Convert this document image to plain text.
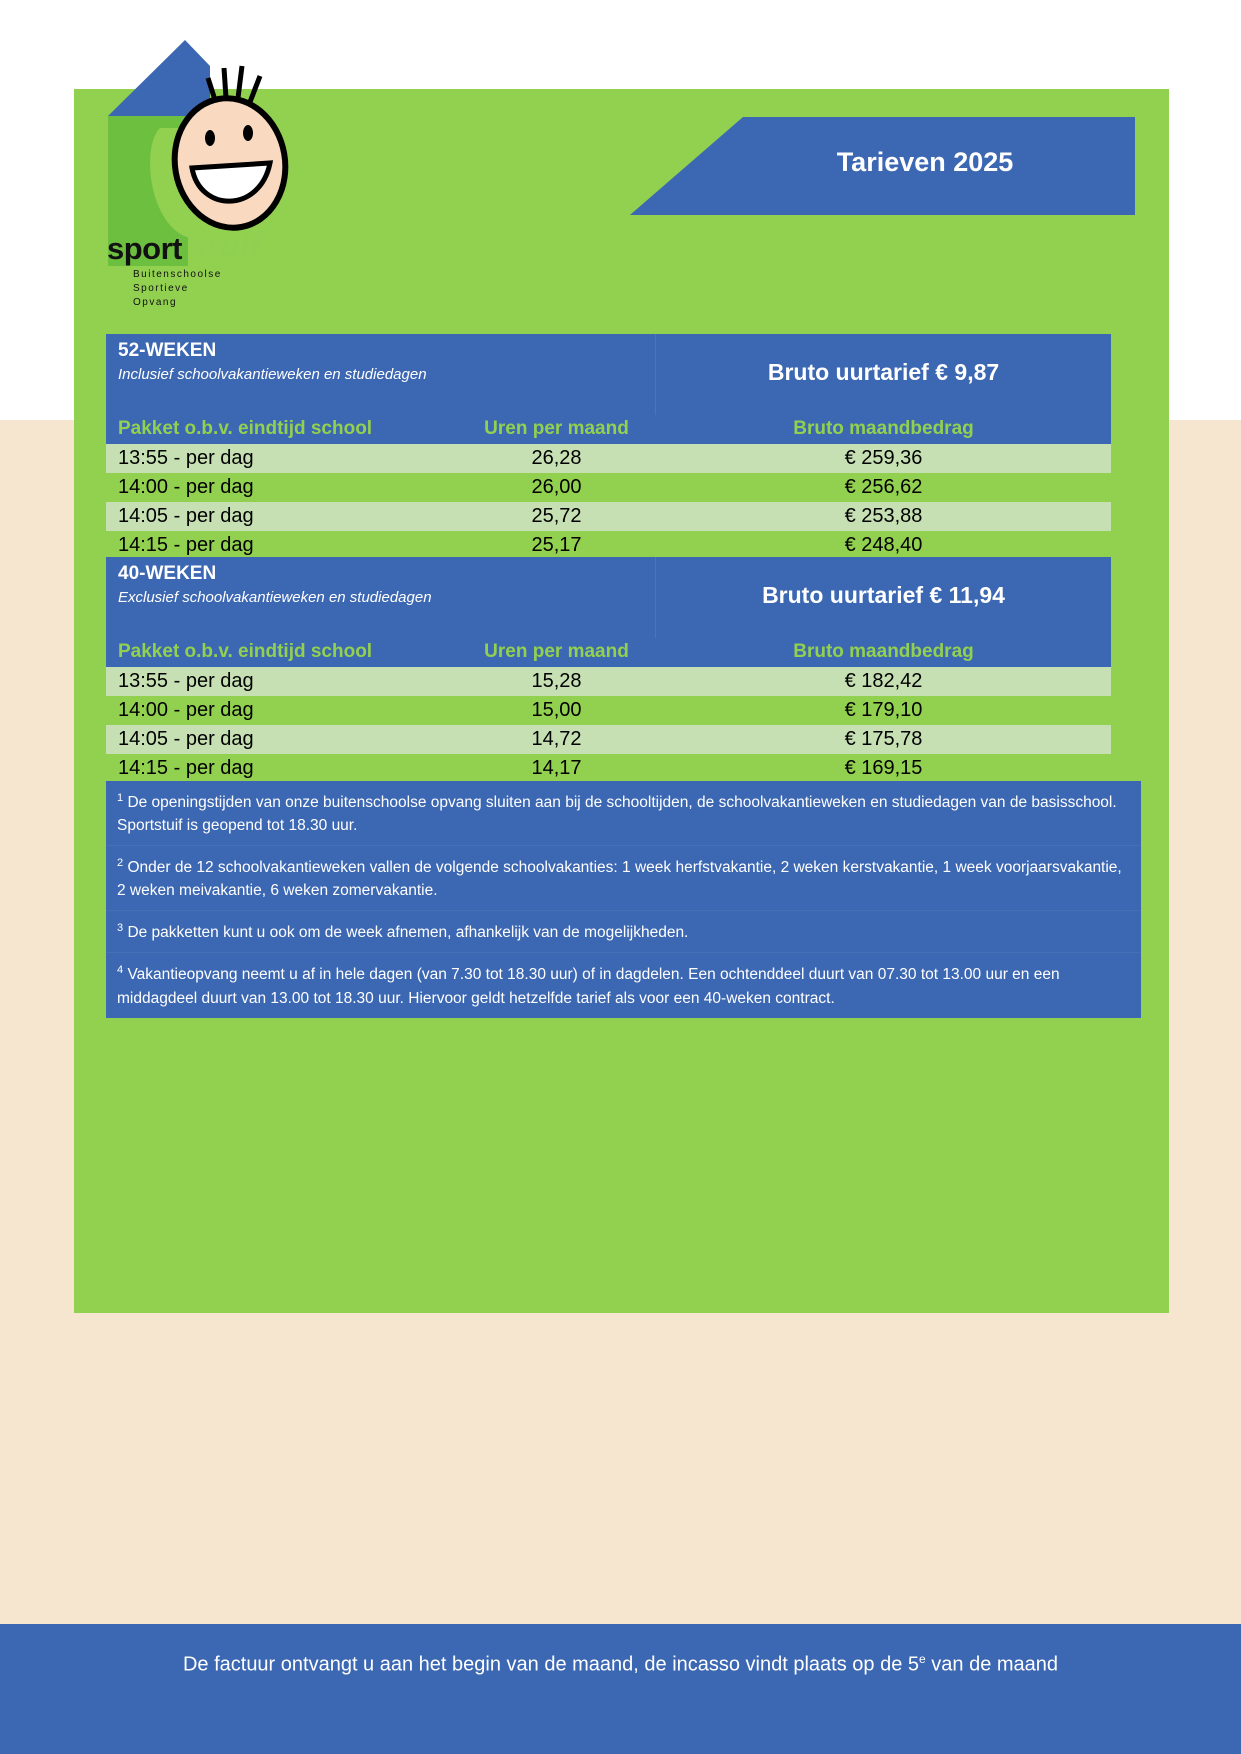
sport stuif
Buitenschoolse
Sportieve
Opvang
Tarieven 2025
52-WEKEN
Inclusief schoolvakantieweken en studiedagen	Bruto uurtarief € 9,87
Pakket o.b.v. eindtijd school	Uren per maand	Bruto maandbedrag
13:55 - per dag	26,28	€ 259,36
14:00 - per dag	26,00	€ 256,62
14:05 - per dag	25,72	€ 253,88
14:15 - per dag	25,17	€ 248,40
40-WEKEN
Exclusief schoolvakantieweken en studiedagen	Bruto uurtarief € 11,94
Pakket o.b.v. eindtijd school	Uren per maand	Bruto maandbedrag
13:55 - per dag	15,28	€ 182,42
14:00 - per dag	15,00	€ 179,10
14:05 - per dag	14,72	€ 175,78
14:15 - per dag	14,17	€ 169,15
$^1$ De openingstijden van onze buitenschoolse opvang sluiten aan bij de schooltijden, de schoolvakantieweken en studiedagen van de basisschool. Sportstuif is geopend tot 18.30 uur.
$^2$ Onder de 12 schoolvakantieweken vallen de volgende schoolvakanties: 1 week herfstvakantie, 2 weken kerstvakantie, 1 week voorjaarsvakantie, 2 weken meivakantie, 6 weken zomervakantie.
$^3$ De pakketten kunt u ook om de week afnemen, afhankelijk van de mogelijkheden.
$^4$ Vakantieopvang neemt u af in hele dagen (van 7.30 tot 18.30 uur) of in dagdelen. Een ochtenddeel duurt van 07.30 tot 13.00 uur en een middagdeel duurt van 13.00 tot 18.30 uur. Hiervoor geldt hetzelfde tarief als voor een 40-weken contract.
De factuur ontvangt u aan het begin van de maand, de incasso vindt plaats op de 5e van de maand
